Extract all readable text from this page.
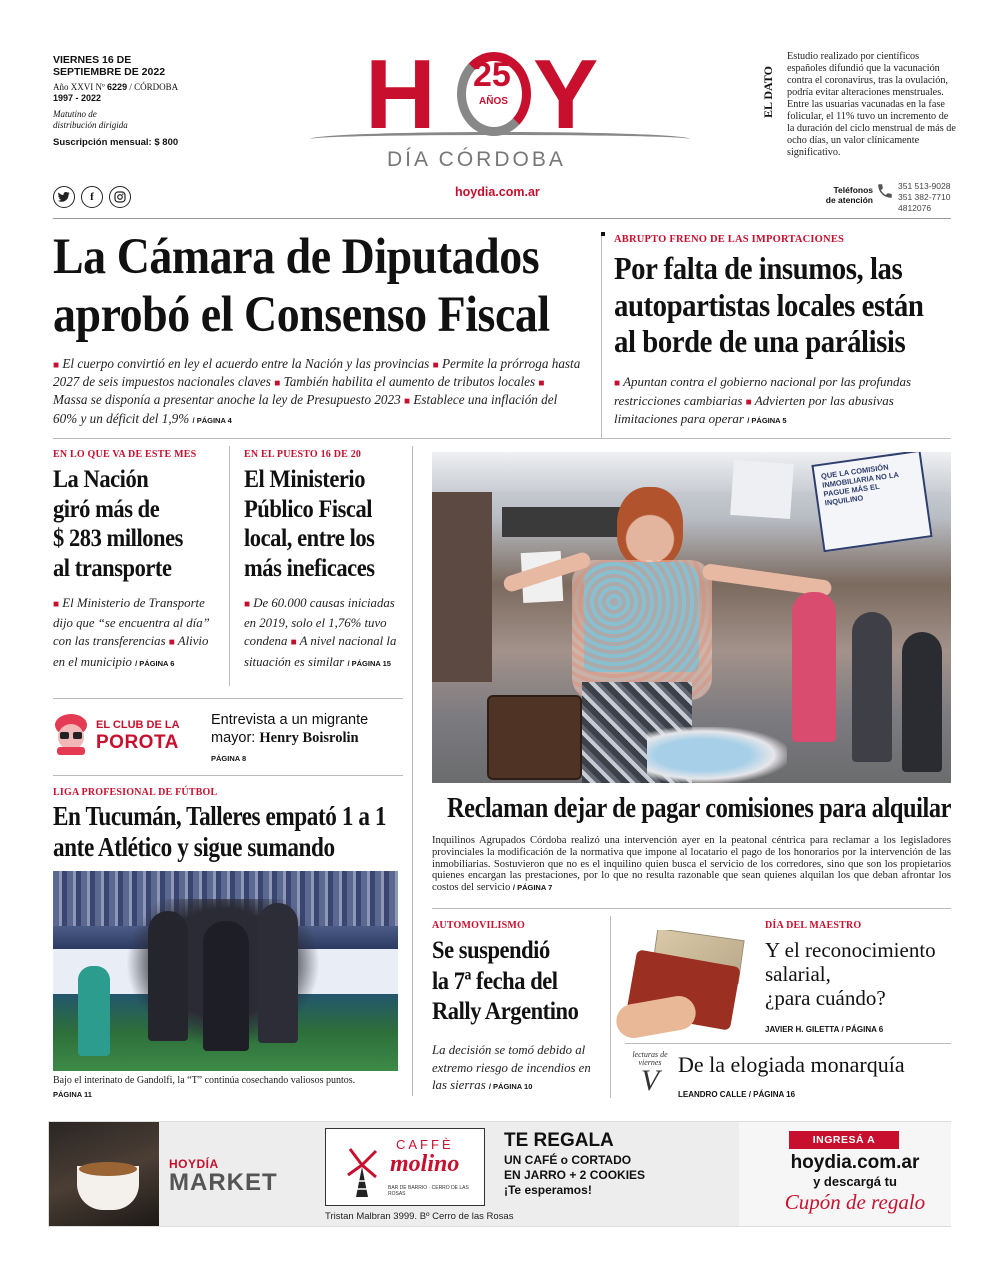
VIERNES 16 DE
SEPTIEMBRE DE 2022
Año XXVI Nº 6229 / CÓRDOBA
1997 - 2022
Matutino de
distribución dirigida
Suscripción mensual: $ 800
f
H 25
AÑOS Y
DÍA CÓRDOBA
hoydia.com.ar
EL DATO
Estudio realizado por científicos españoles difundió que la vacunación contra el coronavirus, tras la ovulación, podría evitar alteraciones menstruales. Entre las usuarias vacunadas en la fase folicular, el 11% tuvo un incremento de la duración del ciclo menstrual de más de ocho días, un valor clínicamente significativo.
Teléfonos
de atención
351 513-9028
351 382-7710
4812076
La Cámara de Diputados
aprobó el Consenso Fiscal
■ El cuerpo convirtió en ley el acuerdo entre la Nación y las provincias ■ Permite la prórroga hasta 2027 de seis impuestos nacionales claves ■ También habilita el aumento de tributos locales ■ Massa se disponía a presentar anoche la ley de Presupuesto 2023 ■ Establece una inflación del 60% y un déficit del 1,9% / PÁGINA 4
ABRUPTO FRENO DE LAS IMPORTACIONES
Por falta de insumos, las
autopartistas locales están
al borde de una parálisis
■ Apuntan contra el gobierno nacional por las profundas restricciones cambiarias ■ Advierten por las abusivas limitaciones para operar / PÁGINA 5
EN LO QUE VA DE ESTE MES
La Nación
giró más de
$ 283 millones
al transporte
■ El Ministerio de Transporte dijo que “se encuentra al día” con las transferencias ■ Alivio en el municipio / PÁGINA 6
EN EL PUESTO 16 DE 20
El Ministerio
Público Fiscal
local, entre los
más ineficaces
■ De 60.000 causas iniciadas en 2019, solo el 1,76% tuvo condena ■ A nivel nacional la situación es similar / PÁGINA 15
EL CLUB DE LA
POROTA
Entrevista a un migrante
mayor: Henry Boisrolin
PÁGINA 8
LIGA PROFESIONAL DE FÚTBOL
En Tucumán, Talleres empató 1 a 1
ante Atlético y sigue sumando
Bajo el interinato de Gandolfi, la “T” continúa cosechando valiosos puntos.
PÁGINA 11
QUE LA COMISIÓN INMOBILIARIA NO LA PAGUE MÁS EL INQUILINO
Reclaman dejar de pagar comisiones para alquilar
Inquilinos Agrupados Córdoba realizó una intervención ayer en la peatonal céntrica para reclamar a los legisladores provinciales la modificación de la normativa que impone al locatario el pago de los honorarios por la intervención de las inmobiliarias. Sostuvieron que no es el inquilino quien busca el servicio de los corredores, sino que son los propietarios quienes encargan las prestaciones, por lo que no resulta razonable que sean quienes alquilan los que deban afrontar los costos del servicio / PÁGINA 7
AUTOMOVILISMO
Se suspendió
la 7ª fecha del
Rally Argentino
La decisión se tomó debido al extremo riesgo de incendios en las sierras / PÁGINA 10
DÍA DEL MAESTRO
Y el reconocimiento
salarial,
¿para cuándo?
JAVIER H. GILETTA / PÁGINA 6
lecturas de
viernes
V De la elogiada monarquía
LEANDRO CALLE / PÁGINA 16
HOYDÍA
MARKET
CAFFÈ
molino
BAR DE BARRIO · CERRO DE LAS ROSAS
Tristan Malbran 3999. Bº Cerro de las Rosas
TE REGALA
UN CAFÉ o CORTADO
EN JARRO + 2 COOKIES
¡Te esperamos!
INGRESÁ A
hoydia.com.ar
y descargá tu
Cupón de regalo
